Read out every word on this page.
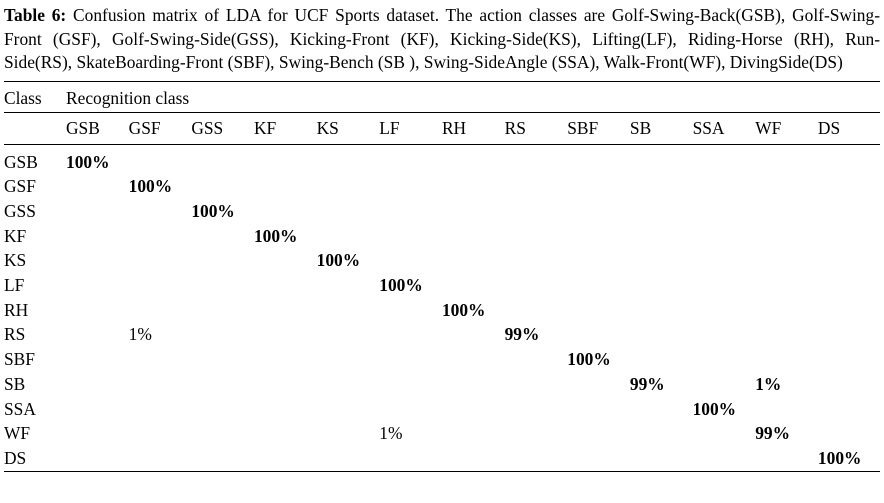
Table 6: Confusion matrix of LDA for UCF Sports dataset. The action classes are Golf-Swing-Back(GSB), Golf-Swing-Front (GSF), Golf-Swing-Side(GSS), Kicking-Front (KF), Kicking-Side(KS), Lifting(LF), Riding-Horse (RH), Run-Side(RS), SkateBoarding-Front (SBF), Swing-Bench (SB ), Swing-SideAngle (SSA), Walk-Front(WF), DivingSide(DS)

Class	Recognition class												
	GSB	GSF	GSS	KF	KS	LF	RH	RS	SBF	SB	SSA	WF	DS

GSB	100%												
GSF		100%											
GSS			100%										
KF				100%									
KS					100%								
LF						100%							
RH							100%						
RS		1%						99%					
SBF									100%				
SB										99%		1%	
SSA											100%		
WF						1%						99%	
DS													100%
